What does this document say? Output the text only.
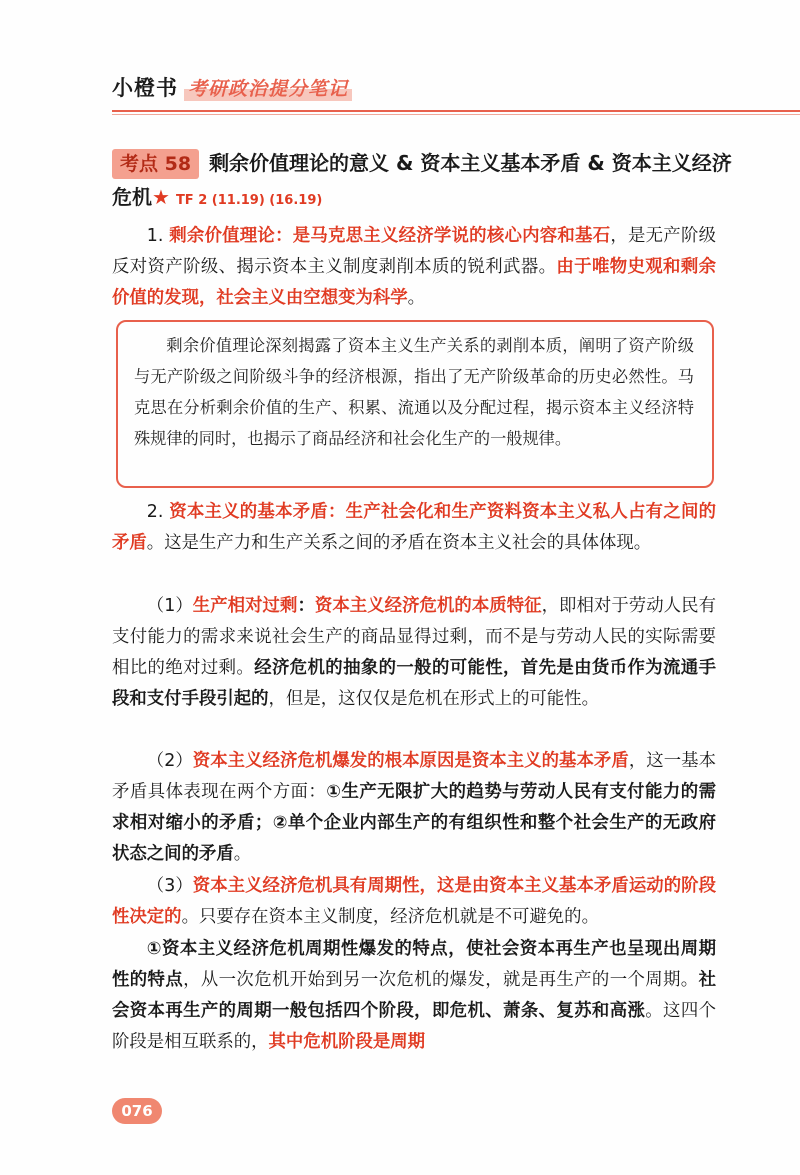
小橙书 考研政治提分笔记
考点 58 剩余价值理论的意义 & 资本主义基本矛盾 & 资本主义经济危机★ TF 2 (11.19) (16.19)

1. 剩余价值理论：是马克思主义经济学说的核心内容和基石，是无产阶级反对资产阶级、揭示资本主义制度剥削本质的锐利武器。由于唯物史观和剩余价值的发现，社会主义由空想变为科学。

剩余价值理论深刻揭露了资本主义生产关系的剥削本质，阐明了资产阶级与无产阶级之间阶级斗争的经济根源，指出了无产阶级革命的历史必然性。马克思在分析剩余价值的生产、积累、流通以及分配过程，揭示资本主义经济特殊规律的同时，也揭示了商品经济和社会化生产的一般规律。

2. 资本主义的基本矛盾：生产社会化和生产资料资本主义私人占有之间的矛盾。这是生产力和生产关系之间的矛盾在资本主义社会的具体体现。

（1）生产相对过剩：资本主义经济危机的本质特征，即相对于劳动人民有支付能力的需求来说社会生产的商品显得过剩，而不是与劳动人民的实际需要相比的绝对过剩。经济危机的抽象的一般的可能性，首先是由货币作为流通手段和支付手段引起的，但是，这仅仅是危机在形式上的可能性。

（2）资本主义经济危机爆发的根本原因是资本主义的基本矛盾，这一基本矛盾具体表现在两个方面：①生产无限扩大的趋势与劳动人民有支付能力的需求相对缩小的矛盾；②单个企业内部生产的有组织性和整个社会生产的无政府状态之间的矛盾。

（3）资本主义经济危机具有周期性，这是由资本主义基本矛盾运动的阶段性决定的。只要存在资本主义制度，经济危机就是不可避免的。

①资本主义经济危机周期性爆发的特点，使社会资本再生产也呈现出周期性的特点，从一次危机开始到另一次危机的爆发，就是再生产的一个周期。社会资本再生产的周期一般包括四个阶段，即危机、萧条、复苏和高涨。这四个阶段是相互联系的，其中危机阶段是周期

076
